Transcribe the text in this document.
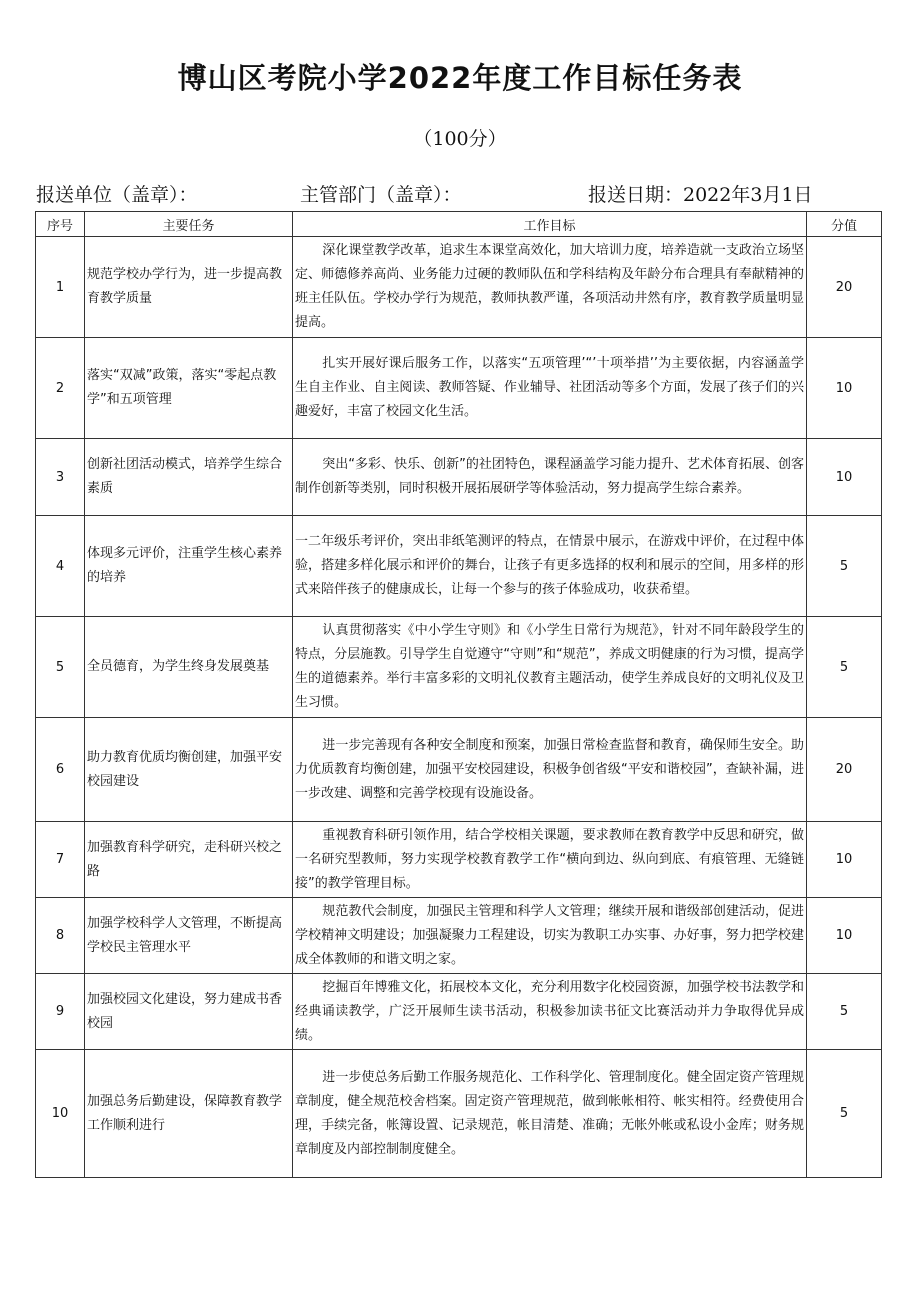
博山区考院小学2022年度工作目标任务表
（100分）
报送单位（盖章）：	主管部门（盖章）：	报送日期：2022年3月1日
序号	主要任务	工作目标	分值
1	规范学校办学行为，进一步提高教育教学质量	深化课堂教学改革，追求生本课堂高效化，加大培训力度，培养造就一支政治立场坚定、师德修养高尚、业务能力过硬的教师队伍和学科结构及年龄分布合理具有奉献精神的班主任队伍。学校办学行为规范，教师执教严谨，各项活动井然有序，教育教学质量明显提高。	20
2	落实“双减”政策，落实“零起点教学”和五项管理	扎实开展好课后服务工作，以落实“五项管理’“’十项举措’’为主要依据，内容涵盖学生自主作业、自主阅读、教师答疑、作业辅导、社团活动等多个方面，发展了孩子们的兴趣爱好，丰富了校园文化生活。	10
3	创新社团活动模式，培养学生综合素质	突出“多彩、快乐、创新”的社团特色，课程涵盖学习能力提升、艺术体育拓展、创客制作创新等类别，同时积极开展拓展研学等体验活动，努力提高学生综合素养。	10
4	体现多元评价，注重学生核心素养的培养	一二年级乐考评价，突出非纸笔测评的特点，在情景中展示，在游戏中评价，在过程中体验，搭建多样化展示和评价的舞台，让孩子有更多选择的权利和展示的空间，用多样的形式来陪伴孩子的健康成长，让每一个参与的孩子体验成功，收获希望。	5
5	全员德育，为学生终身发展奠基	认真贯彻落实《中小学生守则》和《小学生日常行为规范》，针对不同年龄段学生的特点，分层施教。引导学生自觉遵守“守则”和“规范”，养成文明健康的行为习惯，提高学生的道德素养。举行丰富多彩的文明礼仪教育主题活动，使学生养成良好的文明礼仪及卫生习惯。	5
6	助力教育优质均衡创建，加强平安校园建设	进一步完善现有各种安全制度和预案，加强日常检查监督和教育，确保师生安全。助力优质教育均衡创建，加强平安校园建设，积极争创省级“平安和谐校园”，查缺补漏，进一步改建、调整和完善学校现有设施设备。	20
7	加强教育科学研究，走科研兴校之路	重视教育科研引领作用，结合学校相关课题，要求教师在教育教学中反思和研究，做一名研究型教师，努力实现学校教育教学工作“横向到边、纵向到底、有痕管理、无缝链接”的教学管理目标。	10
8	加强学校科学人文管理，不断提高学校民主管理水平	规范教代会制度，加强民主管理和科学人文管理；继续开展和谐级部创建活动，促进学校精神文明建设；加强凝聚力工程建设，切实为教职工办实事、办好事，努力把学校建成全体教师的和谐文明之家。	10
9	加强校园文化建设，努力建成书香校园	挖掘百年博雅文化，拓展校本文化，充分利用数字化校园资源，加强学校书法教学和经典诵读教学，广泛开展师生读书活动，积极参加读书征文比赛活动并力争取得优异成绩。	5
10	加强总务后勤建设，保障教育教学工作顺利进行	进一步使总务后勤工作服务规范化、工作科学化、管理制度化。健全固定资产管理规章制度，健全规范校舍档案。固定资产管理规范，做到帐帐相符、帐实相符。经费使用合理，手续完备，帐簿设置、记录规范，帐目清楚、准确；无帐外帐或私设小金库；财务规章制度及内部控制制度健全。	5
